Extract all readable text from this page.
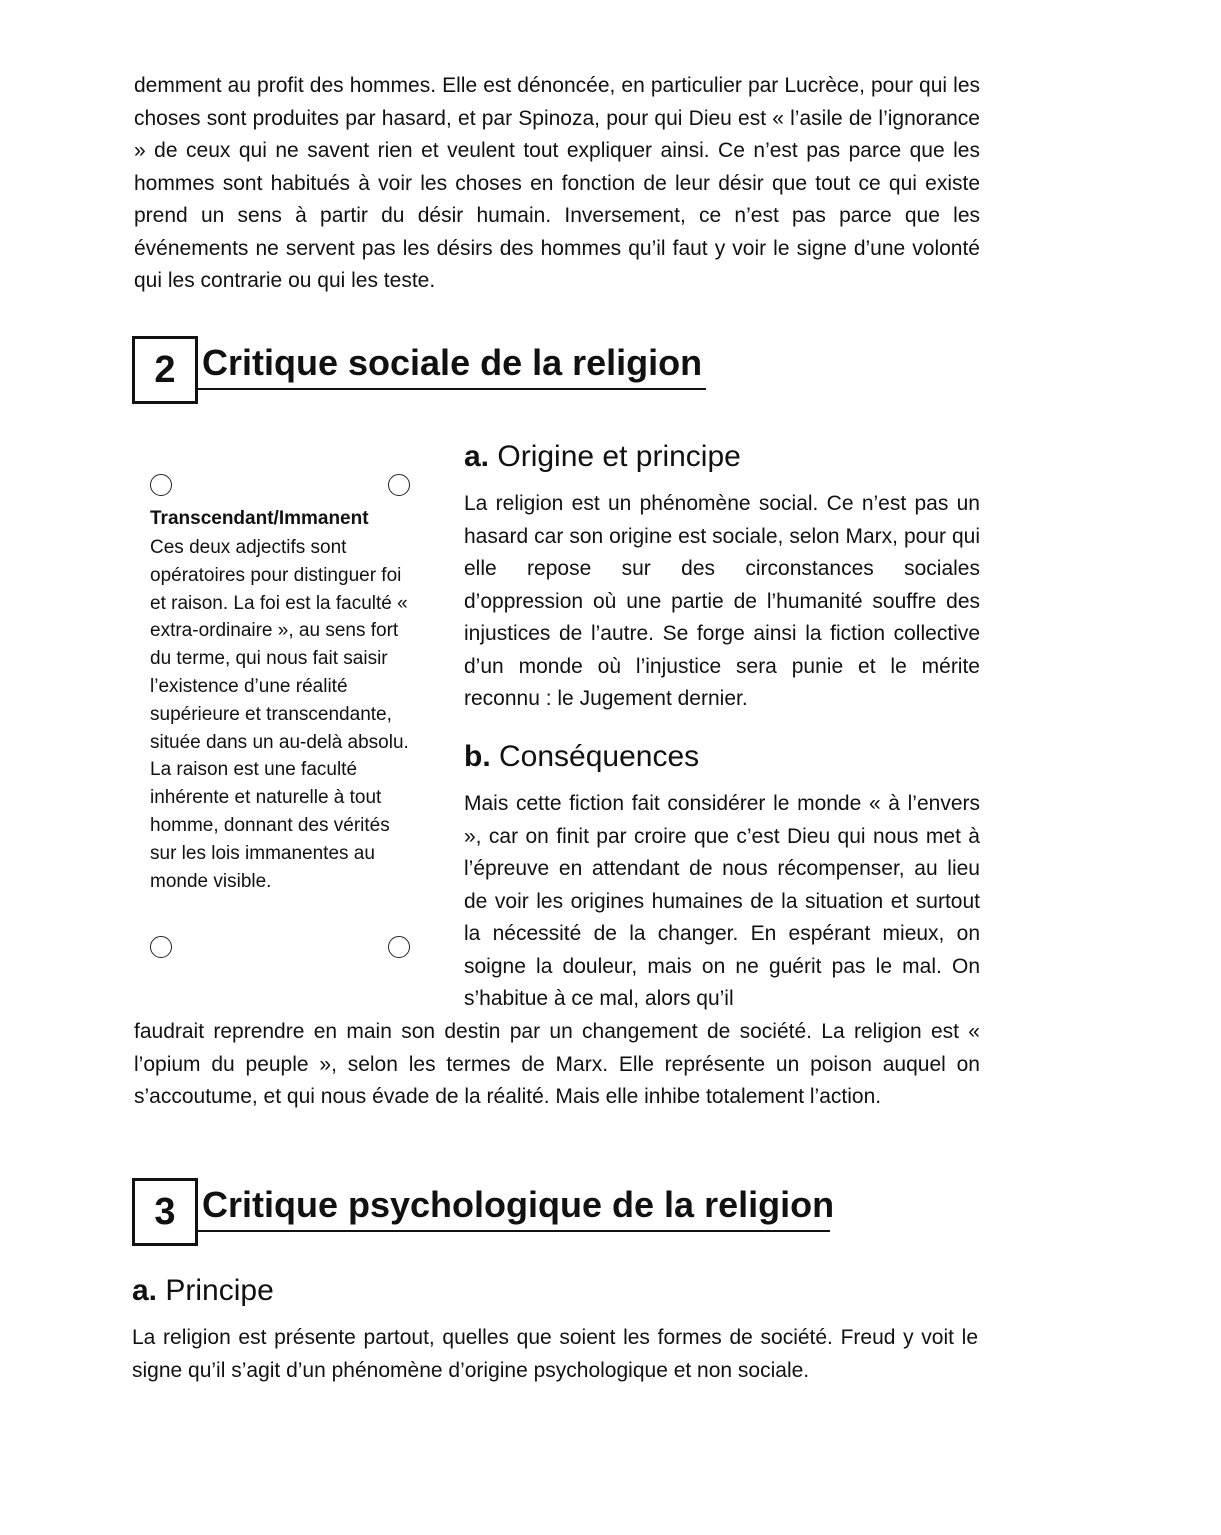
demment au profit des hommes. Elle est dénoncée, en particulier par Lucrèce, pour qui les choses sont produites par hasard, et par Spinoza, pour qui Dieu est « l’asile de l’ignorance » de ceux qui ne savent rien et veulent tout expliquer ainsi. Ce n’est pas parce que les hommes sont habitués à voir les choses en fonction de leur désir que tout ce qui existe prend un sens à partir du désir humain. Inversement, ce n’est pas parce que les événements ne servent pas les désirs des hommes qu’il faut y voir le signe d’une volonté qui les contrarie ou qui les teste.

2 Critique sociale de la religion
Transcendant/Immanent

Ces deux adjectifs sont opératoires pour distinguer foi et raison. La foi est la faculté « extra-ordinaire », au sens fort du terme, qui nous fait saisir l’existence d’une réalité supérieure et transcendante, située dans un au-delà absolu. La raison est une faculté inhérente et naturelle à tout homme, donnant des vérités sur les lois immanentes au monde visible.

a. Origine et principe

La religion est un phénomène social. Ce n’est pas un hasard car son origine est sociale, selon Marx, pour qui elle repose sur des circonstances sociales d’oppression où une partie de l’humanité souffre des injustices de l’autre. Se forge ainsi la fiction collective d’un monde où l’injustice sera punie et le mérite reconnu : le Jugement dernier.

b. Conséquences

Mais cette fiction fait considérer le monde « à l’envers », car on finit par croire que c’est Dieu qui nous met à l’épreuve en attendant de nous récompenser, au lieu de voir les origines humaines de la situation et surtout la nécessité de la changer. En espérant mieux, on soigne la douleur, mais on ne guérit pas le mal. On s’habitue à ce mal, alors qu’il

faudrait reprendre en main son destin par un changement de société. La religion est « l’opium du peuple », selon les termes de Marx. Elle représente un poison auquel on s’accoutume, et qui nous évade de la réalité. Mais elle inhibe totalement l’action.

3 Critique psychologique de la religion
a. Principe

La religion est présente partout, quelles que soient les formes de société. Freud y voit le signe qu’il s’agit d’un phénomène d’origine psychologique et non sociale.
